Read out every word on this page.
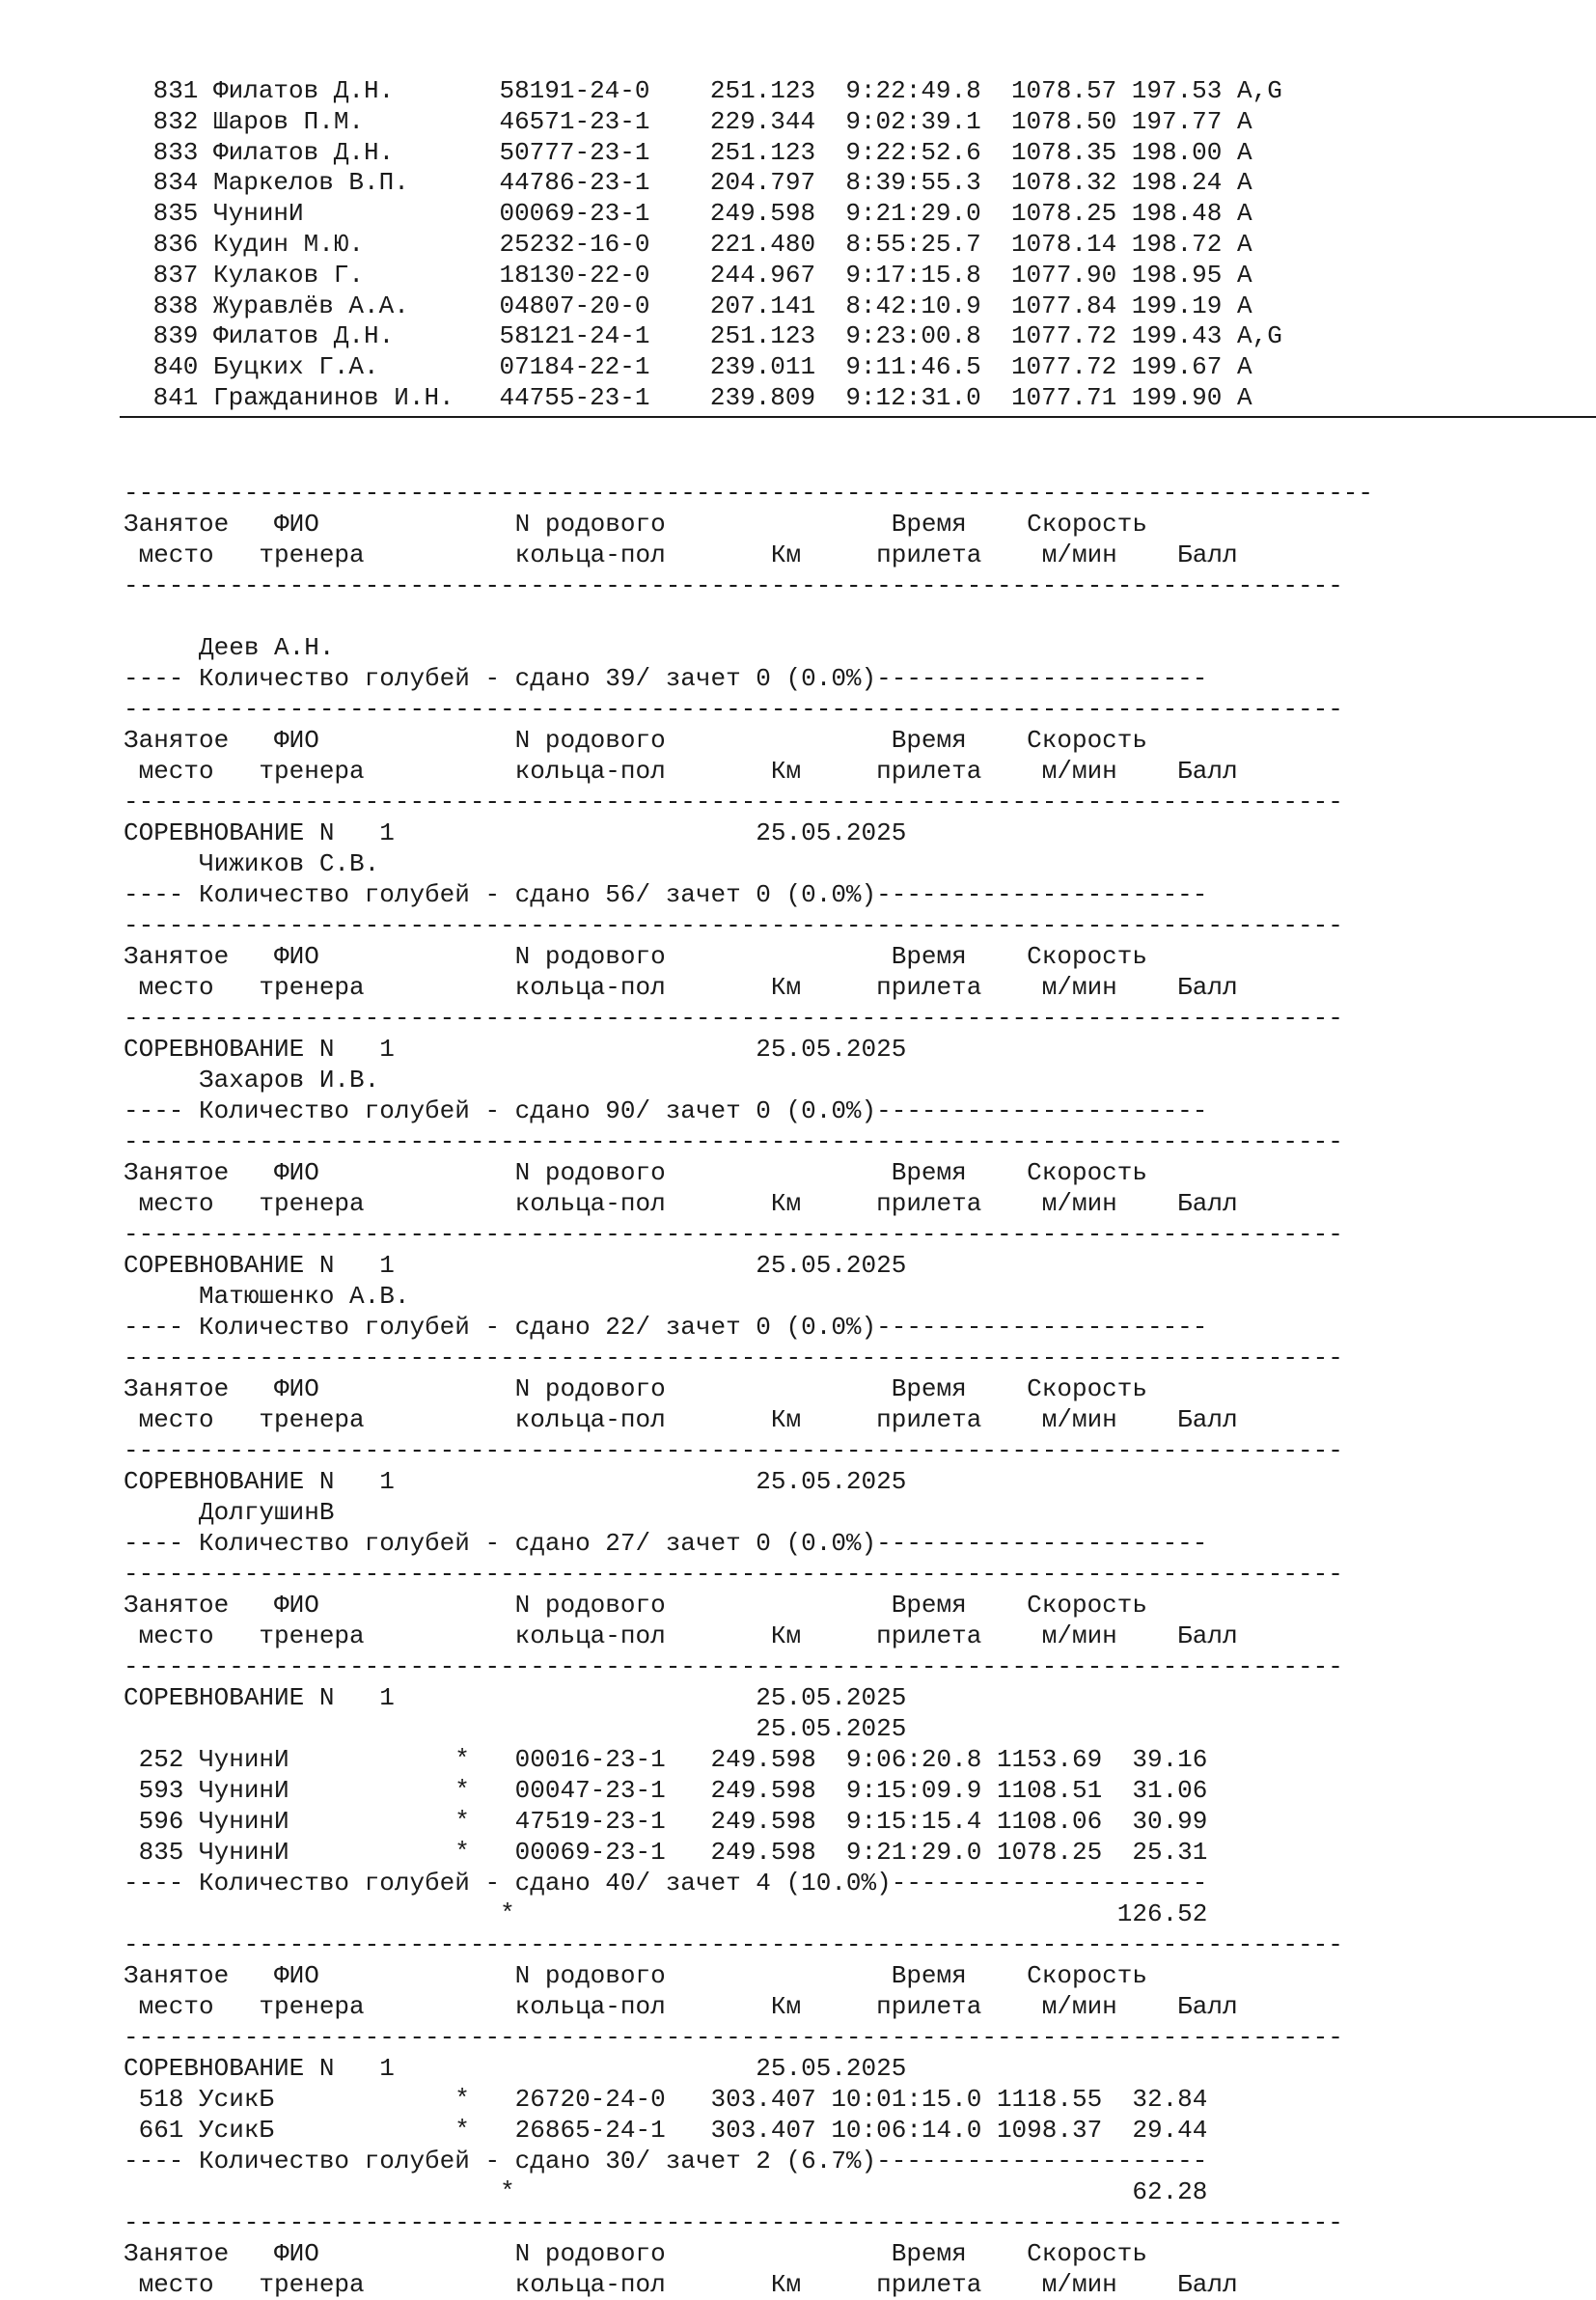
831 Филатов Д.Н.       58191-24-0    251.123  9:22:49.8  1078.57 197.53 A,G
832 Шаров П.М.         46571-23-1    229.344  9:02:39.1  1078.50 197.77 A
833 Филатов Д.Н.       50777-23-1    251.123  9:22:52.6  1078.35 198.00 A
834 Маркелов В.П.      44786-23-1    204.797  8:39:55.3  1078.32 198.24 A
835 ЧунинИ             00069-23-1    249.598  9:21:29.0  1078.25 198.48 A
836 Кудин М.Ю.         25232-16-0    221.480  8:55:25.7  1078.14 198.72 A
837 Кулаков Г.         18130-22-0    244.967  9:17:15.8  1077.90 198.95 A
838 Журавлёв А.А.      04807-20-0    207.141  8:42:10.9  1077.84 199.19 A
839 Филатов Д.Н.       58121-24-1    251.123  9:23:00.8  1077.72 199.43 A,G
840 Буцких Г.А.        07184-22-1    239.011  9:11:46.5  1077.72 199.67 A
841 Гражданинов И.Н.   44755-23-1    239.809  9:12:31.0  1077.71 199.90 A
-----------------------------------------------------------------------------------
Занятое   ФИО             N родового               Время    Скорость
место   тренера          кольца-пол       Км     прилета    м/мин    Балл
---------------------------------------------------------------------------------
Деев А.Н.
---- Количество голубей - сдано 39/ зачет 0 (0.0%)----------------------
---------------------------------------------------------------------------------
Занятое   ФИО             N родового               Время    Скорость
место   тренера          кольца-пол       Км     прилета    м/мин    Балл
---------------------------------------------------------------------------------
СОРЕВНОВАНИЕ N   1                        25.05.2025
Чижиков С.В.
---- Количество голубей - сдано 56/ зачет 0 (0.0%)----------------------
---------------------------------------------------------------------------------
Занятое   ФИО             N родового               Время    Скорость
место   тренера          кольца-пол       Км     прилета    м/мин    Балл
---------------------------------------------------------------------------------
СОРЕВНОВАНИЕ N   1                        25.05.2025
Захаров И.В.
---- Количество голубей - сдано 90/ зачет 0 (0.0%)----------------------
---------------------------------------------------------------------------------
Занятое   ФИО             N родового               Время    Скорость
место   тренера          кольца-пол       Км     прилета    м/мин    Балл
---------------------------------------------------------------------------------
СОРЕВНОВАНИЕ N   1                        25.05.2025
Матюшенко А.В.
---- Количество голубей - сдано 22/ зачет 0 (0.0%)----------------------
---------------------------------------------------------------------------------
Занятое   ФИО             N родового               Время    Скорость
место   тренера          кольца-пол       Км     прилета    м/мин    Балл
---------------------------------------------------------------------------------
СОРЕВНОВАНИЕ N   1                        25.05.2025
ДолгушинВ
---- Количество голубей - сдано 27/ зачет 0 (0.0%)----------------------
---------------------------------------------------------------------------------
Занятое   ФИО             N родового               Время    Скорость
место   тренера          кольца-пол       Км     прилета    м/мин    Балл
---------------------------------------------------------------------------------
СОРЕВНОВАНИЕ N   1                        25.05.2025
25.05.2025
252 ЧунинИ           *   00016-23-1   249.598  9:06:20.8 1153.69  39.16
593 ЧунинИ           *   00047-23-1   249.598  9:15:09.9 1108.51  31.06
596 ЧунинИ           *   47519-23-1   249.598  9:15:15.4 1108.06  30.99
835 ЧунинИ           *   00069-23-1   249.598  9:21:29.0 1078.25  25.31
---- Количество голубей - сдано 40/ зачет 4 (10.0%)---------------------
*                                        126.52
---------------------------------------------------------------------------------
Занятое   ФИО             N родового               Время    Скорость
место   тренера          кольца-пол       Км     прилета    м/мин    Балл
---------------------------------------------------------------------------------
СОРЕВНОВАНИЕ N   1                        25.05.2025
518 УсикБ            *   26720-24-0   303.407 10:01:15.0 1118.55  32.84
661 УсикБ            *   26865-24-1   303.407 10:06:14.0 1098.37  29.44
---- Количество голубей - сдано 30/ зачет 2 (6.7%)----------------------
*                                         62.28
---------------------------------------------------------------------------------
Занятое   ФИО             N родового               Время    Скорость
место   тренера          кольца-пол       Км     прилета    м/мин    Балл
